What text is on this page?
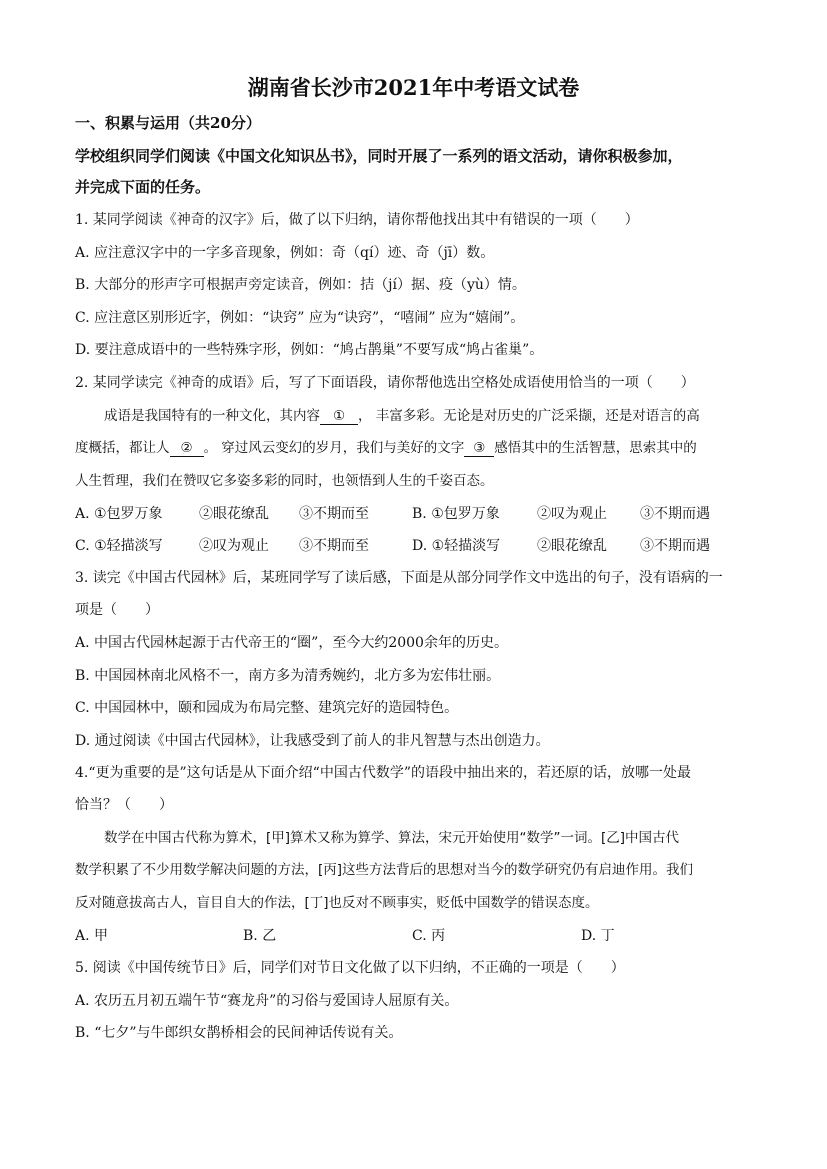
湖南省长沙市2021年中考语文试卷
一、积累与运用（共20分）
学校组织同学们阅读《中国文化知识丛书》，同时开展了一系列的语文活动，请你积极参加，
并完成下面的任务。
1. 某同学阅读《神奇的汉字》后，做了以下归纳，请你帮他找出其中有错误的一项（　　）
A. 应注意汉字中的一字多音现象，例如：奇（qí）迹、奇（jī）数。
B. 大部分的形声字可根据声旁定读音，例如：拮（jí）据、疫（yù）情。
C. 应注意区别形近字，例如：“诀窍” 应为“诀窍”，“嘻闹” 应为“嬉闹”。
D. 要注意成语中的一些特殊字形，例如：“鸠占鹊巢”不要写成“鸠占雀巢”。
2. 某同学读完《神奇的成语》后，写了下面语段，请你帮他选出空格处成语使用恰当的一项（　　）
成语是我国特有的一种文化，其内容 ① ， 丰富多彩。无论是对历史的广泛采撷，还是对语言的高
度概括，都让人 ② 。 穿过风云变幻的岁月，我们与美好的文字 ③ 感悟其中的生活智慧，思索其中的
人生哲理，我们在赞叹它多姿多彩的同时，也领悟到人生的千姿百态。
A. ①包罗万象	②眼花缭乱 ③不期而至	B. ①包罗万象	②叹为观止 ③不期而遇
C. ①轻描淡写	②叹为观止 ③不期而至	D. ①轻描淡写	②眼花缭乱 ③不期而遇
3. 读完《中国古代园林》后，某班同学写了读后感，下面是从部分同学作文中选出的句子，没有语病的一
项是（　　）
A. 中国古代园林起源于古代帝王的“圈”，至今大约2000余年的历史。
B. 中国园林南北风格不一，南方多为清秀婉约，北方多为宏伟壮丽。
C. 中国园林中，颐和园成为布局完整、建筑完好的造园特色。
D. 通过阅读《中国古代园林》，让我感受到了前人的非凡智慧与杰出创造力。
4.“更为重要的是”这句话是从下面介绍“中国古代数学”的语段中抽出来的，若还原的话，放哪一处最
恰当？（　　）
数学在中国古代称为算术，[甲]算术又称为算学、算法，宋元开始使用“数学”一词。[乙]中国古代
数学积累了不少用数学解决问题的方法，[丙]这些方法背后的思想对当今的数学研究仍有启迪作用。我们
反对随意拔高古人，盲目自大的作法，[丁]也反对不顾事实，贬低中国数学的错误态度。
A. 甲	B. 乙	C. 丙	D. 丁
5. 阅读《中国传统节日》后，同学们对节日文化做了以下归纳，不正确的一项是（　　）
A. 农历五月初五端午节“赛龙舟”的习俗与爱国诗人屈原有关。
B. “七夕”与牛郎织女鹊桥相会的民间神话传说有关。
